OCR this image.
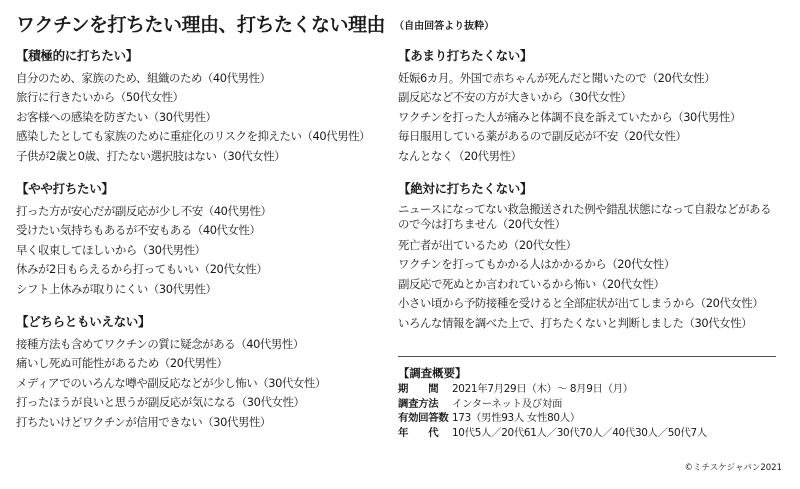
ワクチンを打ちたい理由、打ちたくない理由 （自由回答より抜粋）
【積極的に打ちたい】
自分のため、家族のため、組織のため（40代男性）
旅行に行きたいから（50代女性）
お客様への感染を防ぎたい（30代男性）
感染したとしても家族のために重症化のリスクを抑えたい（40代男性）
子供が2歳と0歳、打たない選択肢はない（30代女性）
【やや打ちたい】
打った方が安心だが副反応が少し不安（40代男性）
受けたい気持ちもあるが不安もある（40代女性）
早く収束してほしいから（30代男性）
休みが2日もらえるから打ってもいい（20代女性）
シフト上休みが取りにくい（30代男性）
【どちらともいえない】
接種方法も含めてワクチンの質に疑念がある（40代男性）
痛いし死ぬ可能性があるため（20代男性）
メディアでのいろんな噂や副反応などが少し怖い（30代女性）
打ったほうが良いと思うが副反応が気になる（30代女性）
打ちたいけどワクチンが信用できない（30代男性）
【あまり打ちたくない】
妊娠6カ月。外国で赤ちゃんが死んだと聞いたので（20代女性）
副反応など不安の方が大きいから（30代女性）
ワクチンを打った人が痛みと体調不良を訴えていたから（30代男性）
毎日服用している薬があるので副反応が不安（20代女性）
なんとなく（20代男性）
【絶対に打ちたくない】
ニュースになってない救急搬送された例や錯乱状態になって自殺などがあるので今は打ちません（20代女性）
死亡者が出ているため（20代女性）
ワクチンを打ってもかかる人はかかるから（20代女性）
副反応で死ぬとか言われているから怖い（20代女性）
小さい頃から予防接種を受けると全部症状が出てしまうから（20代女性）
いろんな情報を調べた上で、打ちたくないと判断しました（30代女性）
【調査概要】
期　　間	2021年7月29日（木）～ 8月9日（月）
調査方法	インターネット及び対面
有効回答数 173（男性93人 女性80人）
年　　代	10代5人／20代61人／30代70人／40代30人／50代7人
©ミチスケジャパン2021
